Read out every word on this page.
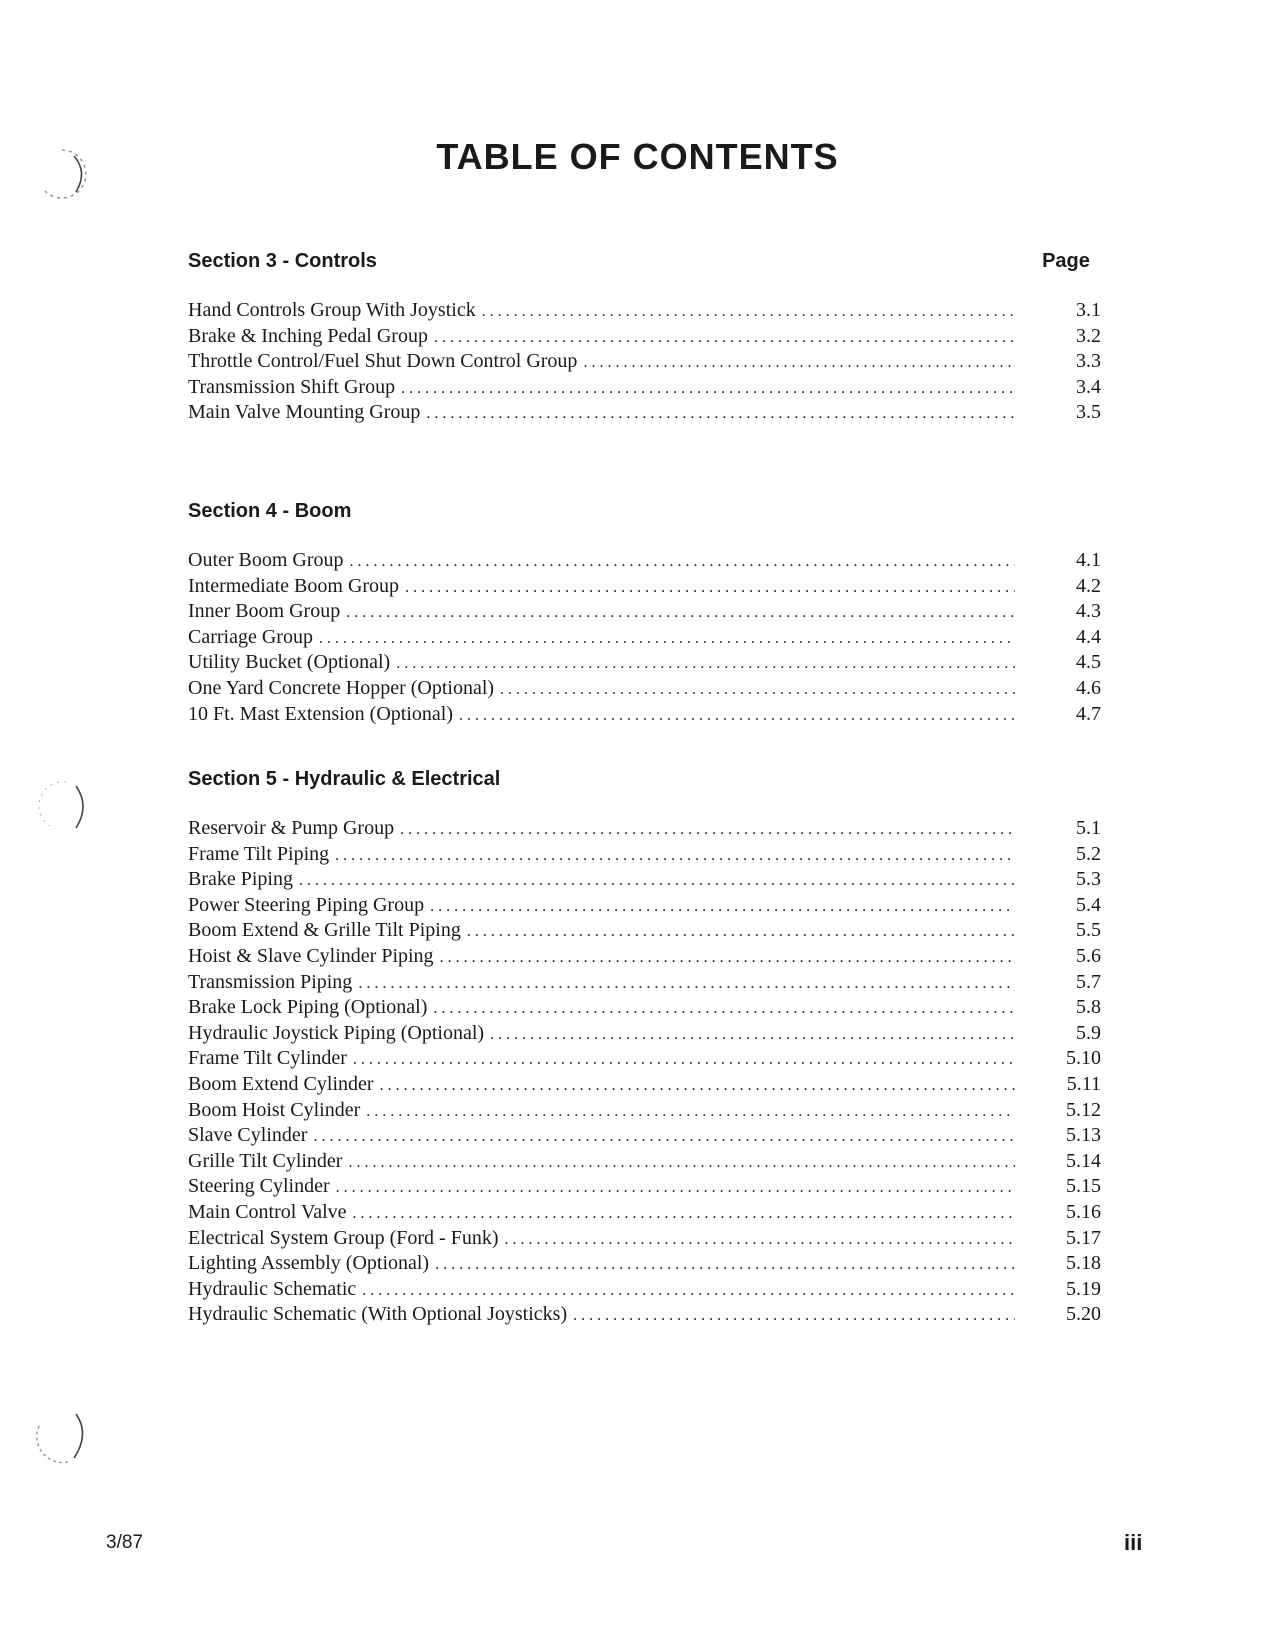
TABLE OF CONTENTS
Page
Section 3 - Controls
Hand Controls Group With Joystick . . .	3.1
Brake & Inching Pedal Group . . .	3.2
Throttle Control/Fuel Shut Down Control Group . . .	3.3
Transmission Shift Group . . .	3.4
Main Valve Mounting Group . . .	3.5
Section 4 - Boom
Outer Boom Group . . .	4.1
Intermediate Boom Group . . .	4.2
Inner Boom Group . . .	4.3
Carriage Group . . .	4.4
Utility Bucket (Optional) . . .	4.5
One Yard Concrete Hopper (Optional) . . .	4.6
10 Ft. Mast Extension (Optional) . . .	4.7
Section 5 - Hydraulic & Electrical
Reservoir & Pump Group . . .	5.1
Frame Tilt Piping . . .	5.2
Brake Piping . . .	5.3
Power Steering Piping Group . . .	5.4
Boom Extend & Grille Tilt Piping . . .	5.5
Hoist & Slave Cylinder Piping . . .	5.6
Transmission Piping . . .	5.7
Brake Lock Piping (Optional) . . .	5.8
Hydraulic Joystick Piping (Optional) . . .	5.9
Frame Tilt Cylinder . . .	5.10
Boom Extend Cylinder . . .	5.11
Boom Hoist Cylinder . . .	5.12
Slave Cylinder . . .	5.13
Grille Tilt Cylinder . . .	5.14
Steering Cylinder . . .	5.15
Main Control Valve . . .	5.16
Electrical System Group (Ford - Funk) . . .	5.17
Lighting Assembly (Optional) . . .	5.18
Hydraulic Schematic . . .	5.19
Hydraulic Schematic (With Optional Joysticks) . . .	5.20
3/87	iii
